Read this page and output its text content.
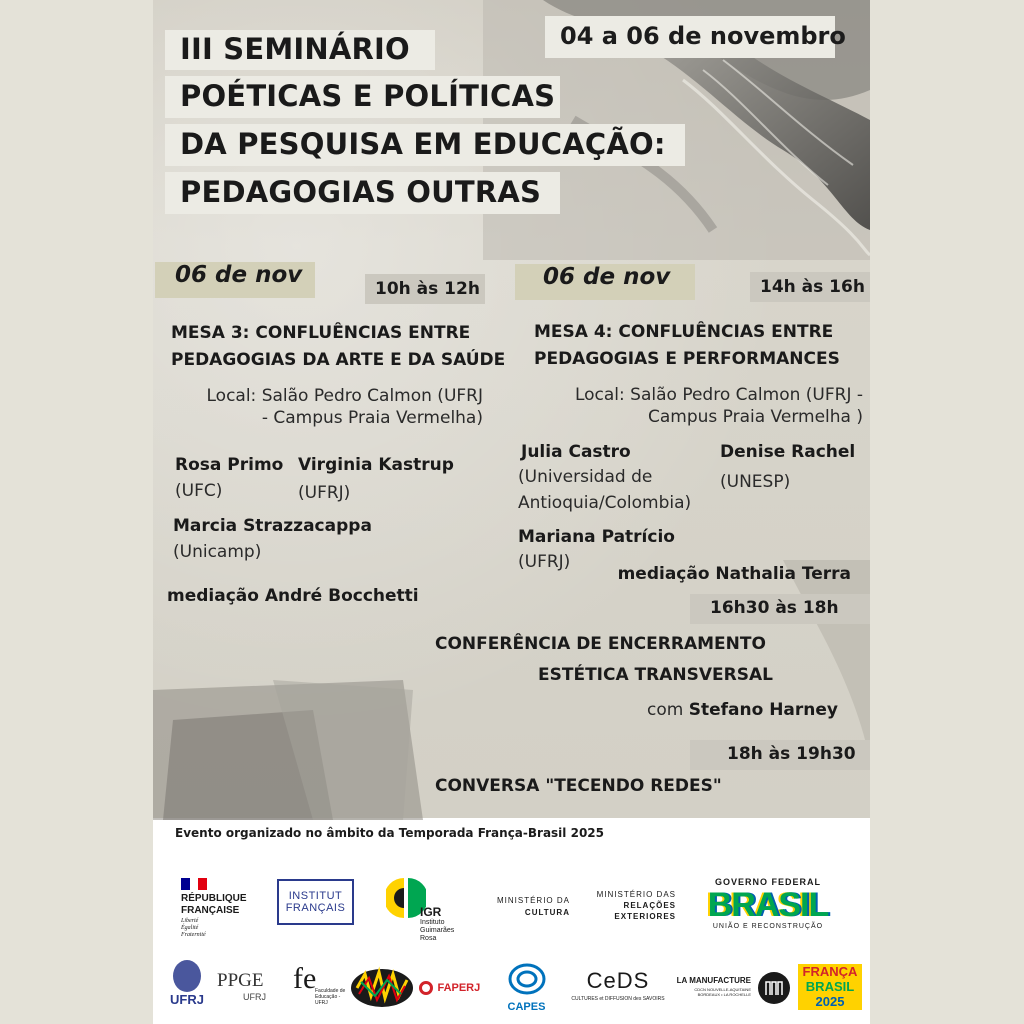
04 a 06 de novembro
III SEMINÁRIO
POÉTICAS E POLÍTICAS
DA PESQUISA EM EDUCAÇÃO:
PEDAGOGIAS OUTRAS
06 de nov
10h às 12h
MESA 3: CONFLUÊNCIAS ENTRE
PEDAGOGIAS DA ARTE E DA SAÚDE
Local: Salão Pedro Calmon (UFRJ
- Campus Praia Vermelha)
Rosa Primo
(UFC)
Virginia Kastrup
(UFRJ)
Marcia Strazzacappa
(Unicamp)
mediação André Bocchetti
06 de nov	14h às 16h
MESA 4: CONFLUÊNCIAS ENTRE
PEDAGOGIAS E PERFORMANCES
Local: Salão Pedro Calmon (UFRJ -
Campus Praia Vermelha )
Julia Castro
(Universidad de
Antioquia/Colombia)
Denise Rachel
(UNESP)
Mariana Patrício
(UFRJ)
mediação Nathalia Terra
16h30 às 18h
CONFERÊNCIA DE ENCERRAMENTO
ESTÉTICA TRANSVERSAL
com Stefano Harney
18h às 19h30
CONVERSA "TECENDO REDES"
Evento organizado no âmbito da Temporada França-Brasil 2025
RÉPUBLIQUE
FRANÇAISE
Liberté
Égalité
Fraternité
INSTITUT
FRANÇAIS	IGR
Instituto
Guimarães
Rosa
MINISTÉRIO DA
CULTURA
MINISTÉRIO DAS
RELAÇÕES
EXTERIORES
GOVERNO FEDERAL
BRASIL
UNIÃO E RECONSTRUÇÃO
UFRJ
PPGE
UFRJ
fe
Faculdade de
Educação - UFRJ
FAPERJ
CAPES
CeDS
CULTURES et DIFFUSION des SAVOIRS
LA MANUFACTURE
CDCN NOUVELLE-AQUITAINE
BORDEAUX • LA ROCHELLE
FRANÇA
BRASIL
2025
